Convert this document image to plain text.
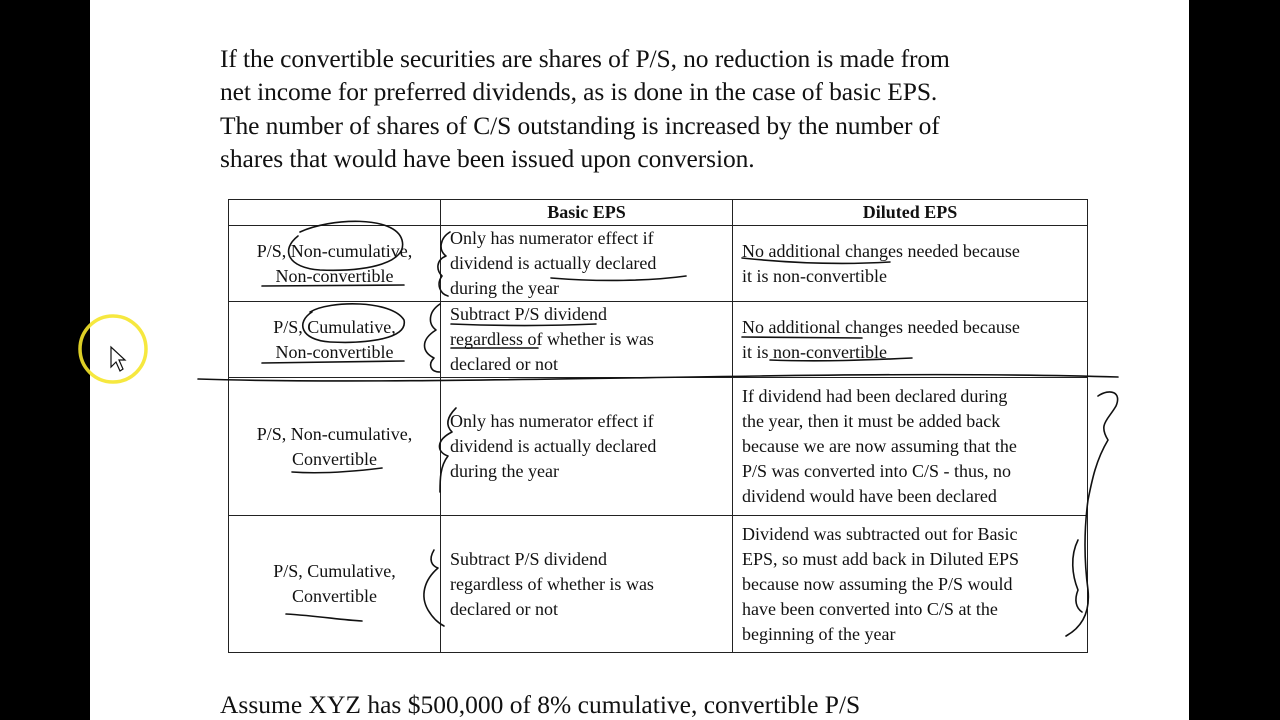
If the convertible securities are shares of P/S, no reduction is made from
net income for preferred dividends, as is done in the case of basic EPS.
The number of shares of C/S outstanding is increased by the number of
shares that would have been issued upon conversion.
	Basic EPS	Diluted EPS

P/S, Non-cumulative,
Non-convertible	Only has numerator effect if
dividend is actually declared
during the year	No additional changes needed because
it is non-convertible

P/S, Cumulative,
Non-convertible	Subtract P/S dividend
regardless of whether is was
declared or not	No additional changes needed because
it is non-convertible

P/S, Non-cumulative,
Convertible	Only has numerator effect if
dividend is actually declared
during the year	If dividend had been declared during
the year, then it must be added back
because we are now assuming that the
P/S was converted into C/S - thus, no
dividend would have been declared

P/S, Cumulative,
Convertible	Subtract P/S dividend
regardless of whether is was
declared or not	Dividend was subtracted out for Basic
EPS, so must add back in Diluted EPS
because now assuming the P/S would
have been converted into C/S at the
beginning of the year
Assume XYZ has $500,000 of 8% cumulative, convertible P/S
